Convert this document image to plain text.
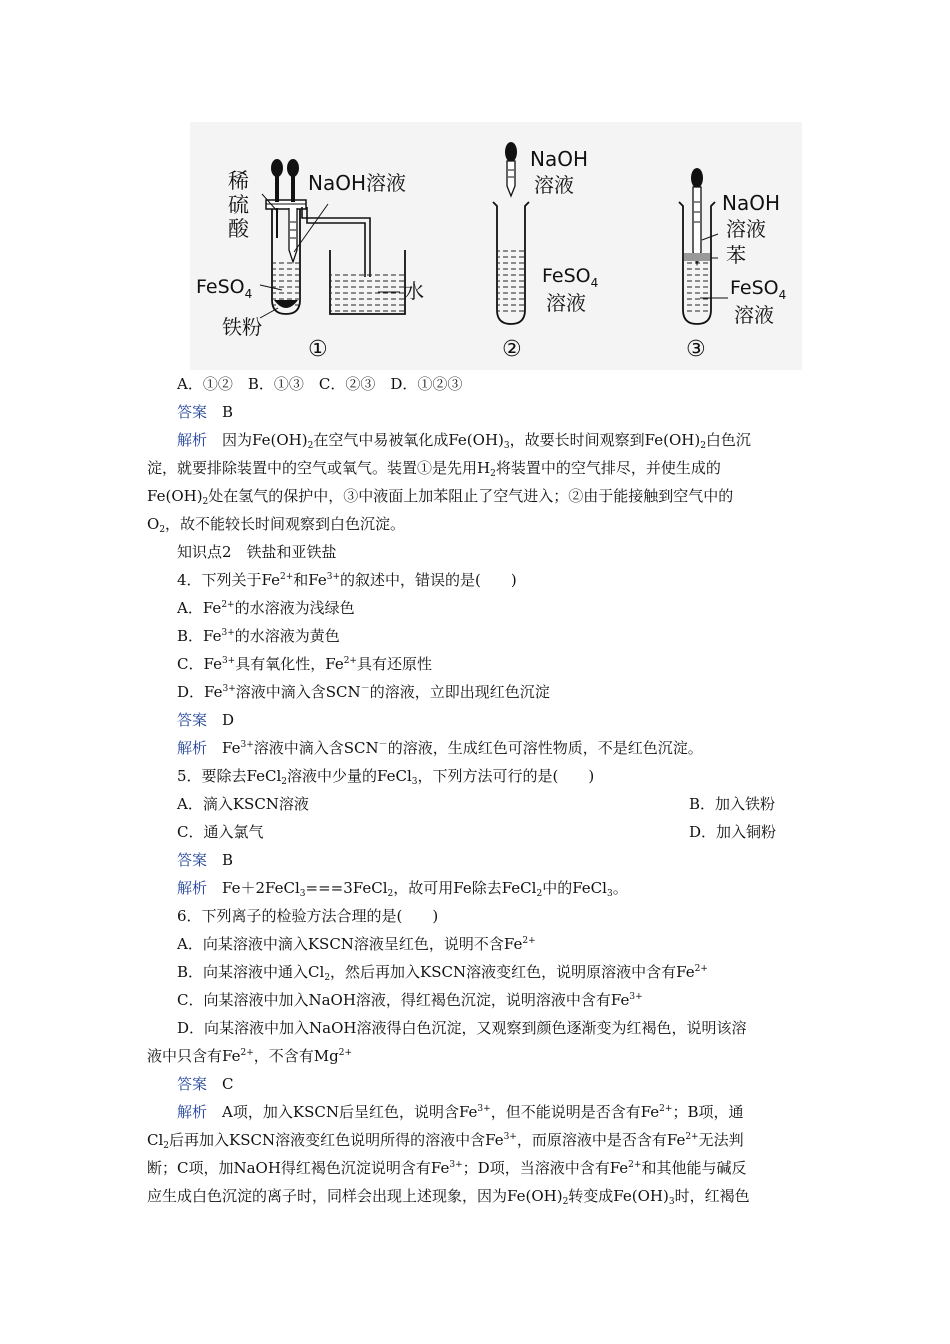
稀
硫
酸
NaOH溶液
FeSO$_4$
铁粉
水
①
NaOH
溶液
FeSO$_4$
溶液
②
NaOH
溶液
苯
FeSO$_4$
溶液
③
A．①②　B．①③　C．②③　D．①②③
答案　 B
解析　 因为$Fe(OH)_2$在空气中易被氧化成$Fe(OH)_3$，故要长时间观察到$Fe(OH)_2$白色沉
淀，就要排除装置中的空气或氧气。装置①是先用$H_2$将装置中的空气排尽，并使生成的
$Fe(OH)_2$处在氢气的保护中，③中液面上加苯阻止了空气进入；②由于能接触到空气中的
$O_2$，故不能较长时间观察到白色沉淀。
知识点2　铁盐和亚铁盐
4．下列关于$Fe^{2+}$和$Fe^{3+}$的叙述中，错误的是(　　)
A．$Fe^{2+}$的水溶液为浅绿色
B．$Fe^{3+}$的水溶液为黄色
C．$Fe^{3+}$具有氧化性，$Fe^{2+}$具有还原性
D．$Fe^{3+}$溶液中滴入含SCN－的溶液，立即出现红色沉淀
答案　 D
解析　 $Fe^{3+}$溶液中滴入含SCN－的溶液，生成红色可溶性物质，不是红色沉淀。
5．要除去FeCl$_2$溶液中少量的FeCl$_3$，下列方法可行的是(　　)
A．滴入KSCN溶液	B．加入铁粉
C．通入氯气	D．加入铜粉
答案　 B
解析　 Fe＋2FeCl$_3$===3FeCl$_2$，故可用Fe除去FeCl$_2$中的FeCl$_3$。
6．下列离子的检验方法合理的是(　　)
A．向某溶液中滴入KSCN溶液呈红色，说明不含$Fe^{2+}$
B．向某溶液中通入$Cl_2$，然后再加入KSCN溶液变红色，说明原溶液中含有$Fe^{2+}$
C．向某溶液中加入NaOH溶液，得红褐色沉淀，说明溶液中含有$Fe^{3+}$
D．向某溶液中加入NaOH溶液得白色沉淀，又观察到颜色逐渐变为红褐色，说明该溶
液中只含有$Fe^{2+}$，不含有$Mg^{2+}$
答案　 C
解析　 A项，加入KSCN后呈红色，说明含$Fe^{3+}$，但不能说明是否含有$Fe^{2+}$；B项，通
$Cl_2$后再加入KSCN溶液变红色说明所得的溶液中含$Fe^{3+}$，而原溶液中是否含有$Fe^{2+}$无法判
断；C项，加NaOH得红褐色沉淀说明含有$Fe^{3+}$；D项，当溶液中含有$Fe^{2+}$和其他能与碱反
应生成白色沉淀的离子时，同样会出现上述现象，因为$Fe(OH)_2$转变成$Fe(OH)_3$时，红褐色
